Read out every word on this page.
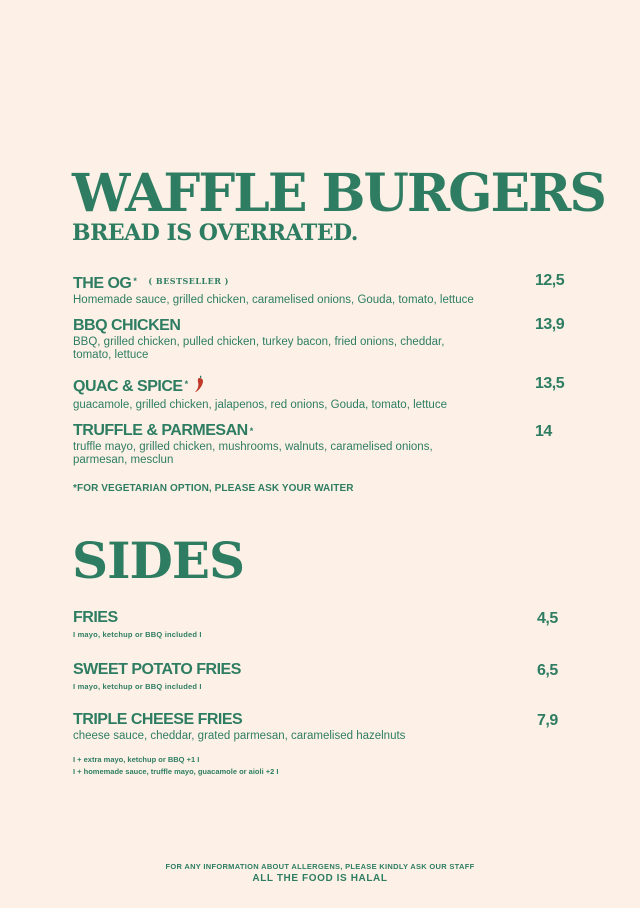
WAFFLE BURGERS
BREAD IS OVERRATED.
THE OG * $^{( BESTSELLER )}$
Homemade sauce, grilled chicken, caramelised onions, Gouda, tomato, lettuce
12,5
BBQ CHICKEN
BBQ, grilled chicken, pulled chicken, turkey bacon, fried onions, cheddar, tomato, lettuce
13,9
QUAC & SPICE *
guacamole, grilled chicken, jalapenos, red onions, Gouda, tomato, lettuce
13,5
TRUFFLE & PARMESAN *
truffle mayo, grilled chicken, mushrooms, walnuts, caramelised onions, parmesan, mesclun
14
*FOR VEGETARIAN OPTION, PLEASE ASK YOUR WAITER
SIDES
FRIES
I mayo, ketchup or BBQ included I
4,5
SWEET POTATO FRIES
I mayo, ketchup or BBQ included I
6,5
TRIPLE CHEESE FRIES
cheese sauce, cheddar, grated parmesan, caramelised hazelnuts
7,9
I + extra mayo, ketchup or BBQ +1 I
I + homemade sauce, truffle mayo, guacamole or aioli +2 I
FOR ANY INFORMATION ABOUT ALLERGENS, PLEASE KINDLY ASK OUR STAFF
ALL THE FOOD IS HALAL
